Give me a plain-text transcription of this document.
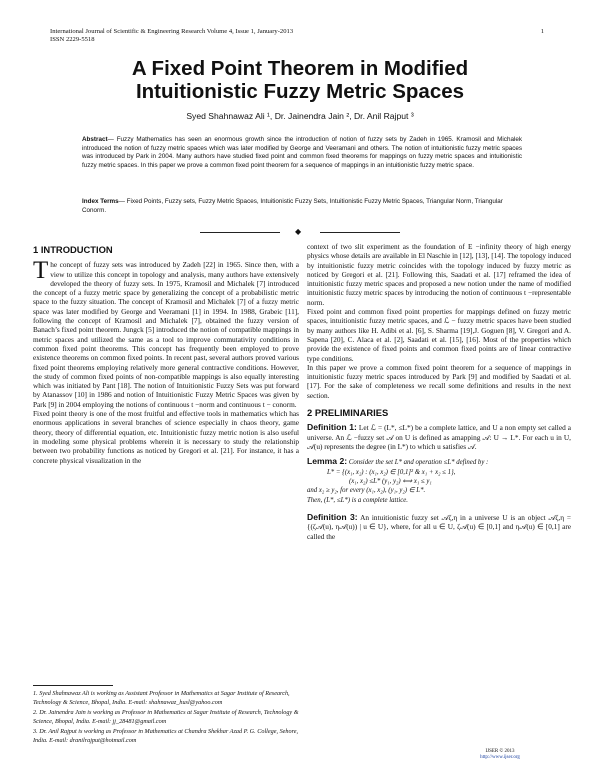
International Journal of Scientific & Engineering Research Volume 4, Issue 1, January-2013
ISSN 2229-5518
1
A Fixed Point Theorem in Modified
Intuitionistic Fuzzy Metric Spaces
Syed Shahnawaz Ali ¹, Dr. Jainendra Jain ², Dr. Anil Rajput ³
Abstract— Fuzzy Mathematics has seen an enormous growth since the introduction of notion of fuzzy sets by Zadeh in 1965. Kramosil and Michalek introduced the notion of fuzzy metric spaces which was later modified by George and Veeramani and others. The notion of intuitionistic fuzzy metric spaces was introduced by Park in 2004. Many authors have studied fixed point and common fixed theorems for mappings on fuzzy metric spaces and intuitionistic fuzzy metric spaces. In this paper we prove a common fixed point theorem for a sequence of mappings in an intuitionistic fuzzy metric space.
Index Terms— Fixed Points, Fuzzy sets, Fuzzy Metric Spaces, Intuitionistic Fuzzy Sets, Intuitionistic Fuzzy Metric Spaces, Triangular Norm, Triangular Conorm.
◆
1 INTRODUCTION

The concept of fuzzy sets was introduced by Zadeh [22] in 1965. Since then, with a view to utilize this concept in topology and analysis, many authors have extensively developed the theory of fuzzy sets. In 1975, Kramosil and Michalek [7] introduced the concept of a fuzzy metric space by generalizing the concept of a probabilistic metric space to the fuzzy situation. The concept of Kramosil and Michalek [7] of a fuzzy metric space was later modified by George and Veeramani [1] in 1994. In 1988, Grabeic [11], following the concept of Kramosil and Michalek [7], obtained the fuzzy version of Banach’s fixed point theorem. Jungck [5] introduced the notion of compatible mappings in metric spaces and utilized the same as a tool to improve commutativity conditions in common fixed point theorems. This concept has frequently been employed to prove existence theorems on common fixed points. In recent past, several authors proved various fixed point theorems employing relatively more general contractive conditions. However, the study of common fixed points of non-compatible mappings is also equally interesting which was initiated by Pant [18]. The notion of Intuitionistic Fuzzy Sets was put forward by Atanassov [10] in 1986 and notion of Intuitionistic Fuzzy Metric Spaces was given by Park [9] in 2004 employing the notions of continuous t −norm and continuous t − conorm.

Fixed point theory is one of the most fruitful and effective tools in mathematics which has enormous applications in several branches of science especially in chaos theory, game theory, theory of differential equation, etc. Intuitionistic fuzzy metric notion is also useful in modeling some physical problems wherein it is necessary to study the relationship between two probability functions as noticed by Gregori et al. [21]. For instance, it has a concrete physical visualization in the

context of two slit experiment as the foundation of E −infinity theory of high energy physics whose details are available in El Naschie in [12], [13], [14]. The topology induced by intuitionistic fuzzy metric coincides with the topology induced by fuzzy metric as noticed by Gregori et al. [21]. Following this, Saadati et al. [17] reframed the idea of intuitionistic fuzzy metric spaces and proposed a new notion under the name of modified intuitionistic fuzzy metric spaces by introducing the notion of continuous t −representable norm.

Fixed point and common fixed point properties for mappings defined on fuzzy metric spaces, intuitionistic fuzzy metric spaces, and ℒ − fuzzy metric spaces have been studied by many authors like H. Adibi et al. [6], S. Sharma [19],J. Goguen [8], V. Gregori and A. Sapena [20], C. Alaca et al. [2], Saadati et al. [15], [16]. Most of the properties which provide the existence of fixed points and common fixed points are of linear contractive type conditions.

In this paper we prove a common fixed point theorem for a sequence of mappings in intuitionistic fuzzy metric spaces introduced by Park [9] and modified by Saadati et al. [17]. For the sake of completeness we recall some definitions and results in the next section.

2 PRELIMINARIES

Definition 1: Let ℒ = (L*, ≤L*) be a complete lattice, and U a non empty set called a universe. An ℒ −fuzzy set 𝒜 on U is defined as amapping 𝒜: U → L*. For each u in U, 𝒜(u) represents the degree (in L*) to which u satisfies 𝒜.

Lemma 2: Consider the set L* and operation ≤L* defined by :
L* = {(x₁, x₂) : (x₁, x₂) ∈ [0,1]² & x₁ + x₂ ≤ 1},
(x₁, x₂) ≤L* (y₁, y₂) ⟺ x₁ ≤ y₁
and x₂ ≥ y₂, for every (x₁, x₂), (y₁, y₂) ∈ L*.
Then, (L*, ≤L*) is a complete lattice.

Definition 3: An intuitionistic fuzzy set 𝒜ζ,η in a universe U is an object 𝒜ζ,η = {(ζ𝒜(u), η𝒜(u)) | u ∈ U}, where, for all u ∈ U, ζ𝒜(u) ∈ [0,1] and η𝒜(u) ∈ [0,1] are called the

1. Syed Shahnawaz Ali is working as Assistant Professor in Mathematics at Sagar Institute of Research, Technology & Science, Bhopal, India. E-mail: shahnawaz_husl@yahoo.com

2. Dr. Jainendra Jain is working as Professor in Mathematics at Sagar Institute of Research, Technology & Science, Bhopal, India. E-mail: jj_28481@gmail.com

3. Dr. Anil Rajput is working as Professor in Mathematics at Chandra Shekhar Azad P. G. College, Sehore, India. E-mail: dranilrajput@hotmail.com

IJSER © 2013
http://www.ijser.org
